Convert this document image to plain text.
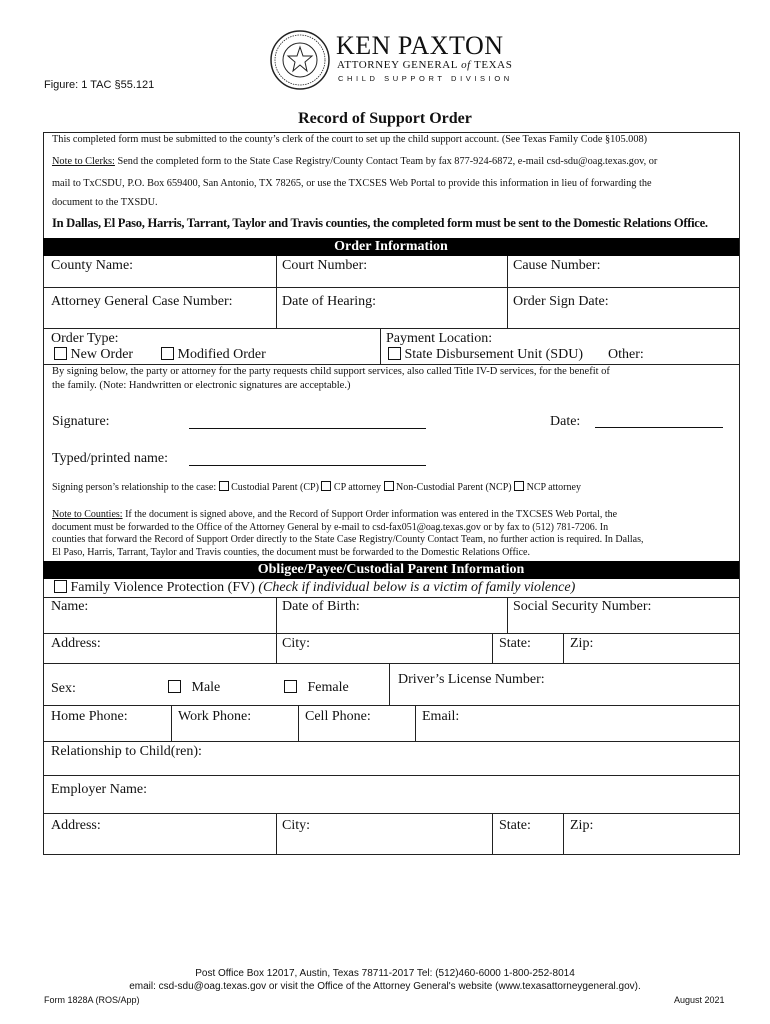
Figure: 1 TAC §55.121
KEN PAXTON
ATTORNEY GENERAL of TEXAS
CHILD SUPPORT DIVISION
Record of Support Order
This completed form must be submitted to the county’s clerk of the court to set up the child support account. (See Texas Family Code §105.008)
Note to Clerks: Send the completed form to the State Case Registry/County Contact Team by fax 877-924-6872, e-mail csd-sdu@oag.texas.gov, or
mail to TxCSDU, P.O. Box 659400, San Antonio, TX 78265, or use the TXCSES Web Portal to provide this information in lieu of forwarding the
document to the TXSDU.
In Dallas, El Paso, Harris, Tarrant, Taylor and Travis counties, the completed form must be sent to the Domestic Relations Office.
Order Information
County Name:	Court Number:	Cause Number:
Attorney General Case Number:	Date of Hearing:	Order Sign Date:
Order Type:
New Order	Modified Order
Payment Location:
State Disbursement Unit (SDU) Other:
By signing below, the party or attorney for the party requests child support services, also called Title IV-D services, for the benefit of
the family. (Note: Handwritten or electronic signatures are acceptable.)
Signature:	Date:
Typed/printed name:
Signing person’s relationship to the case: Custodial Parent (CP) CP attorney Non-Custodial Parent (NCP) NCP attorney
Note to Counties: If the document is signed above, and the Record of Support Order information was entered in the TXCSES Web Portal, the
document must be forwarded to the Office of the Attorney General by e-mail to csd-fax051@oag.texas.gov or by fax to (512) 781-7206. In
counties that forward the Record of Support Order directly to the State Case Registry/County Contact Team, no further action is required. In Dallas,
El Paso, Harris, Tarrant, Taylor and Travis counties, the document must be forwarded to the Domestic Relations Office.
Obligee/Payee/Custodial Parent Information
Family Violence Protection (FV) (Check if individual below is a victim of family violence)
Name:	Date of Birth:	Social Security Number:
Address:	City:	State:	Zip:
Sex:	Male	Female
Driver’s License Number:
Home Phone:	Work Phone:	Cell Phone:	Email:
Relationship to Child(ren):
Employer Name:
Address:	City:	State:	Zip:
Post Office Box 12017, Austin, Texas 78711-2017 Tel: (512)460-6000 1-800-252-8014
email: csd-sdu@oag.texas.gov or visit the Office of the Attorney General's website (www.texasattorneygeneral.gov).
Form 1828A (ROS/App)	August 2021
